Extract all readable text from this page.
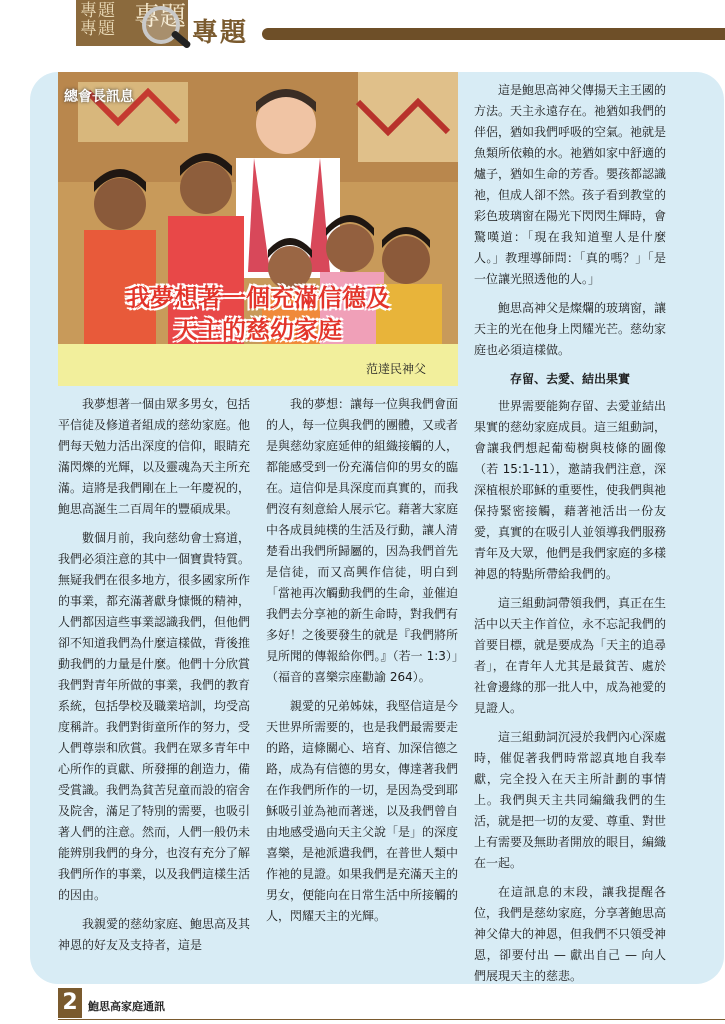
專題
專題 專題
專題
總會長訊息
我夢想著一個充滿信德及
天主的慈幼家庭
范達民神父

我夢想著一個由眾多男女，包括平信徒及修道者組成的慈幼家庭。他們每天勉力活出深度的信仰，眼睛充滿閃爍的光輝，以及靈魂為天主所充滿。這將是我們剛在上一年慶祝的，鮑思高誕生二百周年的豐碩成果。

數個月前，我向慈幼會士寫道，我們必須注意的其中一個寶貴特質。無疑我們在很多地方，很多國家所作的事業，都充滿著獻身慷慨的精神，人們都因這些事業認識我們，但他們卻不知道我們為什麼這樣做，背後推動我們的力量是什麼。他們十分欣賞我們對青年所做的事業，我們的教育系統，包括學校及職業培訓，均受高度稱許。我們對街童所作的努力，受人們尊崇和欣賞。我們在眾多青年中心所作的貢獻、所發揮的創造力，備受賞識。我們為貧苦兒童而設的宿舍及院舍，滿足了特別的需要，也吸引著人們的注意。然而，人們一般仍未能辨別我們的身分，也沒有充分了解我們所作的事業，以及我們這樣生活的因由。

我親愛的慈幼家庭、鮑思高及其神恩的好友及支持者，這是

我的夢想：讓每一位與我們會面的人，每一位與我們的團體，又或者是與慈幼家庭延伸的組織接觸的人，都能感受到一份充滿信仰的男女的臨在。這信仰是具深度而真實的，而我們沒有刻意給人展示它。藉著大家庭中各成員純樸的生活及行動，讓人清楚看出我們所歸屬的，因為我們首先是信徒，而又高興作信徒，明白到「當祂再次觸動我們的生命，並催迫我們去分享祂的新生命時，對我們有多好！之後要發生的就是『我們將所見所聞的傳報給你們。』（若一 1:3）」（福音的喜樂宗座勸諭 264）。

親愛的兄弟姊妹，我堅信這是今天世界所需要的，也是我們最需要走的路，這條關心、培育、加深信德之路，成為有信德的男女，傳達著我們在作我們所作的一切，是因為受到耶穌吸引並為祂而著迷，以及我們曾自由地感受過向天主父說「是」的深度喜樂，是祂派遣我們，在普世人類中作祂的見證。如果我們是充滿天主的男女，便能向在日常生活中所接觸的人，閃耀天主的光輝。

這是鮑思高神父傳揚天主王國的方法。天主永遠存在。祂猶如我們的伴侶，猶如我們呼吸的空氣。祂就是魚類所依賴的水。祂猶如家中舒適的爐子，猶如生命的芳香。嬰孩都認識祂，但成人卻不然。孩子看到教堂的彩色玻璃窗在陽光下閃閃生輝時，會驚嘆道：「現在我知道聖人是什麼人。」教理導師問：「真的嗎？」「是一位讓光照透他的人。」

鮑思高神父是燦爛的玻璃窗，讓天主的光在他身上閃耀光芒。慈幼家庭也必須這樣做。

存留、去愛、結出果實

世界需要能夠存留、去愛並結出果實的慈幼家庭成員。這三組動詞，會讓我們想起葡萄樹與枝條的圖像（若 15:1-11），邀請我們注意，深深植根於耶穌的重要性，使我們與祂保持緊密接觸，藉著祂活出一份友愛，真實的在吸引人並領導我們服務青年及大眾，他們是我們家庭的多樣神恩的特點所帶給我們的。

這三組動詞帶領我們，真正在生活中以天主作首位，永不忘記我們的首要目標，就是要成為「天主的追尋者」，在青年人尤其是最貧苦、處於社會邊緣的那一批人中，成為祂愛的見證人。

這三組動詞沉浸於我們內心深處時，催促著我們時常認真地自我奉獻，完全投入在天主所計劃的事情上。我們與天主共同編織我們的生活，就是把一切的友愛、尊重、對世上有需要及無助者開放的眼目，編織在一起。

在這訊息的末段，讓我提醒各位，我們是慈幼家庭，分享著鮑思高神父偉大的神恩，但我們不只領受神恩，卻要付出 — 獻出自己 — 向人們展現天主的慈悲。

2 鮑思高家庭通訊
